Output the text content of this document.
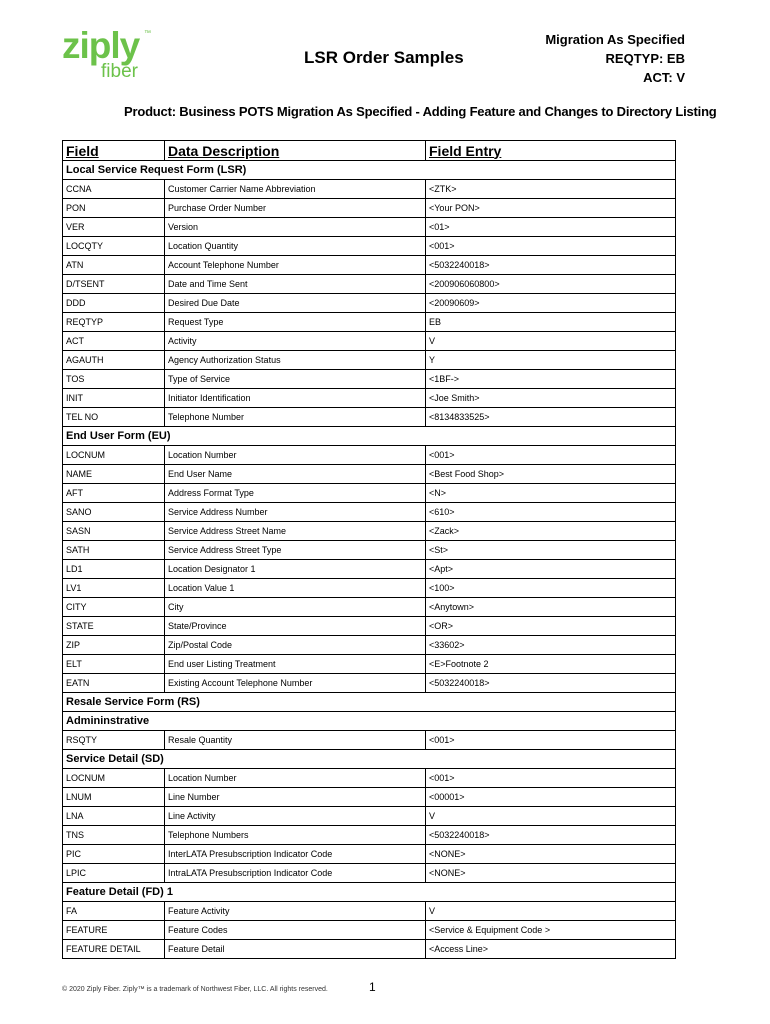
ziply ™
fiber
LSR Order Samples
Migration As Specified
REQTYP: EB
ACT: V
Product: Business POTS Migration As Specified - Adding Feature and Changes to Directory Listing
Field	Data Description	Field Entry
Local Service Request Form (LSR)		
CCNA	Customer Carrier Name Abbreviation	<ZTK>
PON	Purchase Order Number	<Your PON>
VER	Version	<01>
LOCQTY	Location Quantity	<001>
ATN	Account Telephone Number	<5032240018>
D/TSENT	Date and Time Sent	<200906060800>
DDD	Desired Due Date	<20090609>
REQTYP	Request Type	EB
ACT	Activity	V
AGAUTH	Agency Authorization Status	Y
TOS	Type of Service	<1BF->
INIT	Initiator Identification	<Joe Smith>
TEL NO	Telephone Number	<8134833525>
End User Form (EU)		
LOCNUM	Location Number	<001>
NAME	End User Name	<Best Food Shop>
AFT	Address Format Type	<N>
SANO	Service Address Number	<610>
SASN	Service Address Street Name	<Zack>
SATH	Service Address Street Type	<St>
LD1	Location Designator 1	<Apt>
LV1	Location Value 1	<100>
CITY	City	<Anytown>
STATE	State/Province	<OR>
ZIP	Zip/Postal Code	<33602>
ELT	End user Listing Treatment	<E>Footnote 2
EATN	Existing Account Telephone Number	<5032240018>
Resale Service Form (RS)		
Admininstrative		
RSQTY	Resale Quantity	<001>
Service Detail (SD)		
LOCNUM	Location Number	<001>
LNUM	Line Number	<00001>
LNA	Line Activity	V
TNS	Telephone Numbers	<5032240018>
PIC	InterLATA Presubscription Indicator Code	<NONE>
LPIC	IntraLATA Presubscription Indicator Code	<NONE>
Feature Detail (FD) 1		
FA	Feature Activity	V
FEATURE	Feature Codes	<Service & Equipment Code >
FEATURE DETAIL	Feature Detail	<Access Line>
© 2020 Ziply Fiber. Ziply™ is a trademark of Northwest Fiber, LLC. All rights reserved.	1
